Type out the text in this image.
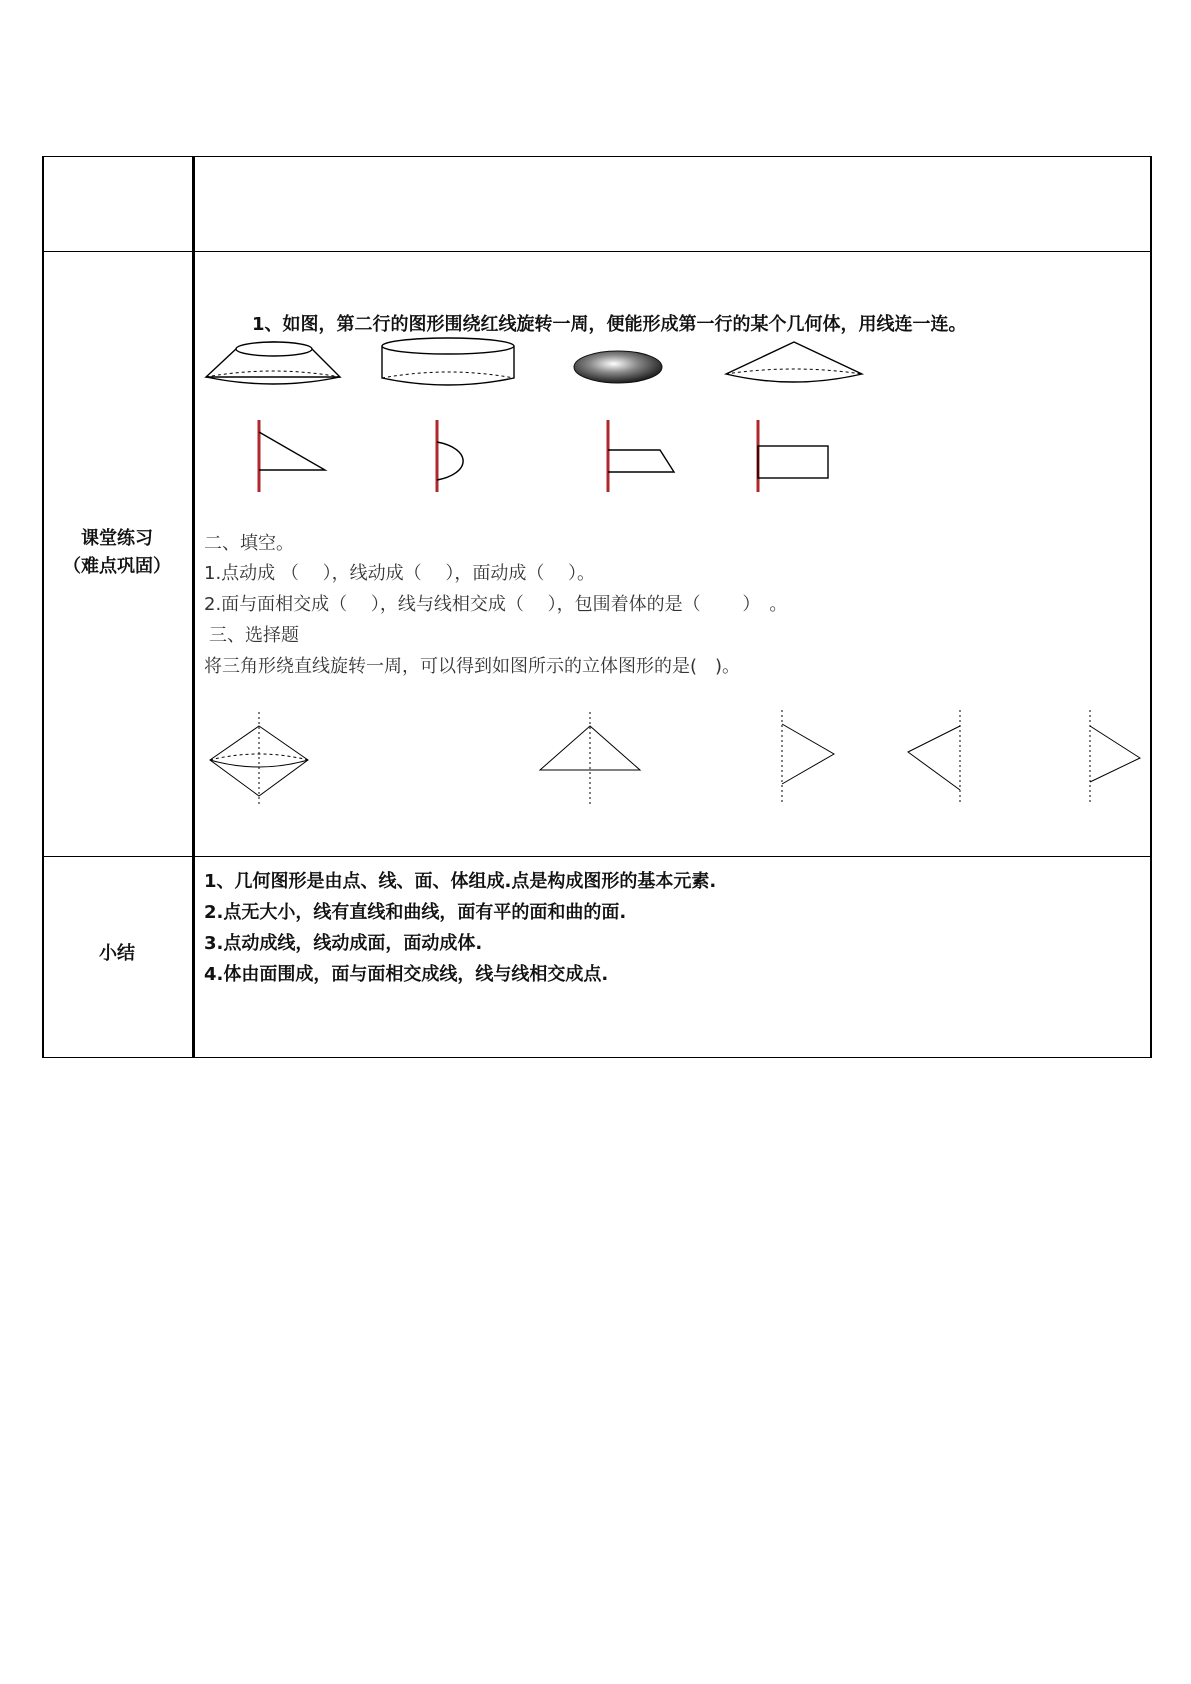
课堂练习
（难点巩固）
1、如图，第二行的图形围绕红线旋转一周，便能形成第一行的某个几何体，用线连一连。
二、填空。
1.点动成 （　 ），线动成（　 ），面动成（　 ）。
2.面与面相交成（　 ），线与线相交成（　 ），包围着体的是（　　 ）　。
三、选择题
将三角形绕直线旋转一周，可以得到如图所示的立体图形的是(　)。
小结
1、几何图形是由点、线、面、体组成.点是构成图形的基本元素.
2.点无大小，线有直线和曲线，面有平的面和曲的面.
3.点动成线，线动成面，面动成体.
4.体由面围成，面与面相交成线，线与线相交成点.
